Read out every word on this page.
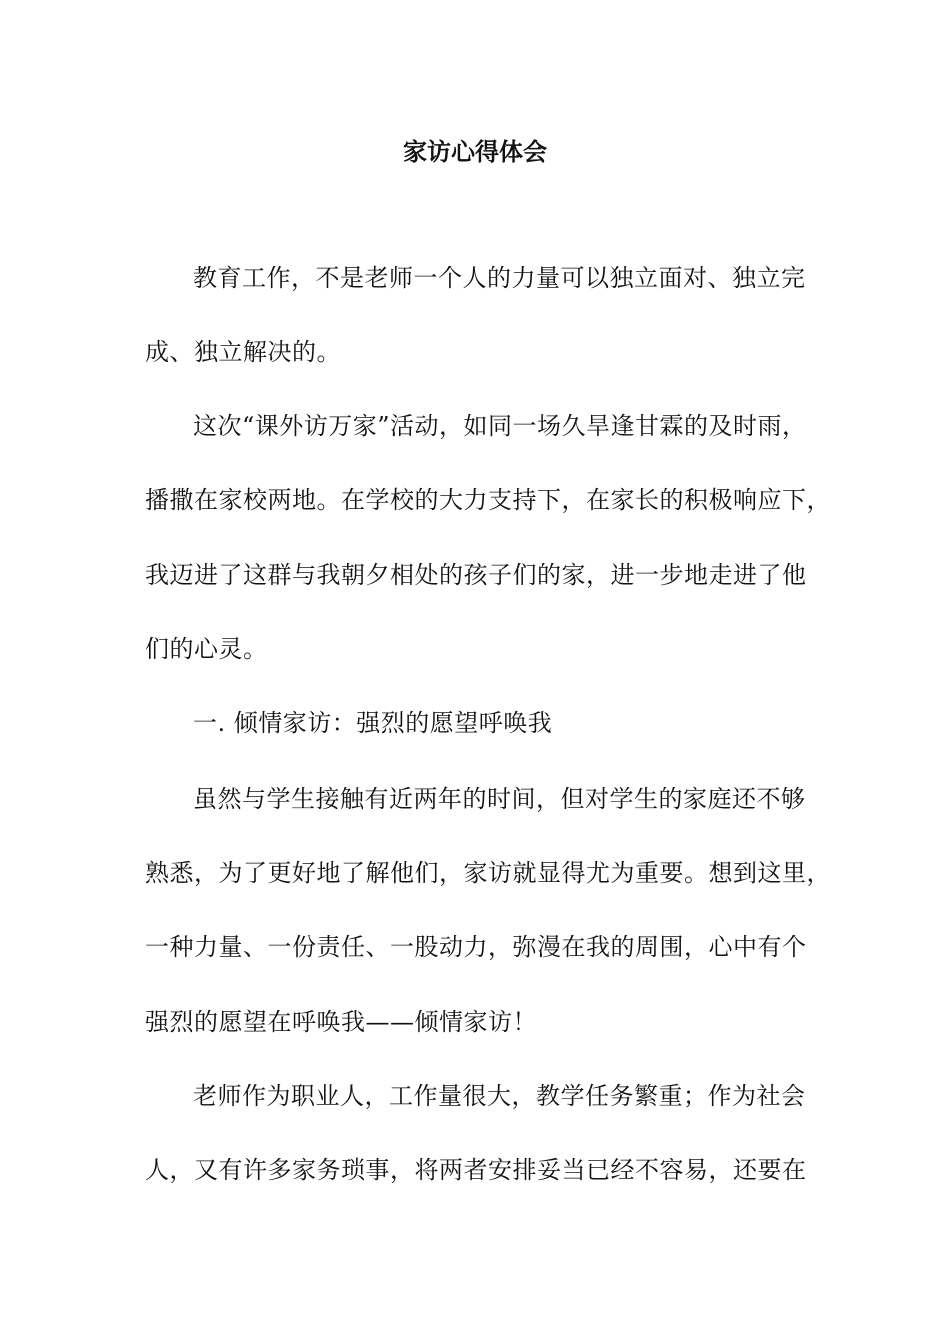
家访心得体会
教育工作，不是老师一个人的力量可以独立面对、独立完
成、独立解决的。
这次“课外访万家”活动，如同一场久旱逢甘霖的及时雨，
播撒在家校两地。在学校的大力支持下，在家长的积极响应下，
我迈进了这群与我朝夕相处的孩子们的家，进一步地走进了他
们的心灵。
一. 倾情家访：强烈的愿望呼唤我
虽然与学生接触有近两年的时间，但对学生的家庭还不够
熟悉，为了更好地了解他们，家访就显得尤为重要。想到这里，
一种力量、一份责任、一股动力，弥漫在我的周围，心中有个
强烈的愿望在呼唤我——倾情家访！
老师作为职业人，工作量很大，教学任务繁重；作为社会
人，又有许多家务琐事，将两者安排妥当已经不容易，还要在
